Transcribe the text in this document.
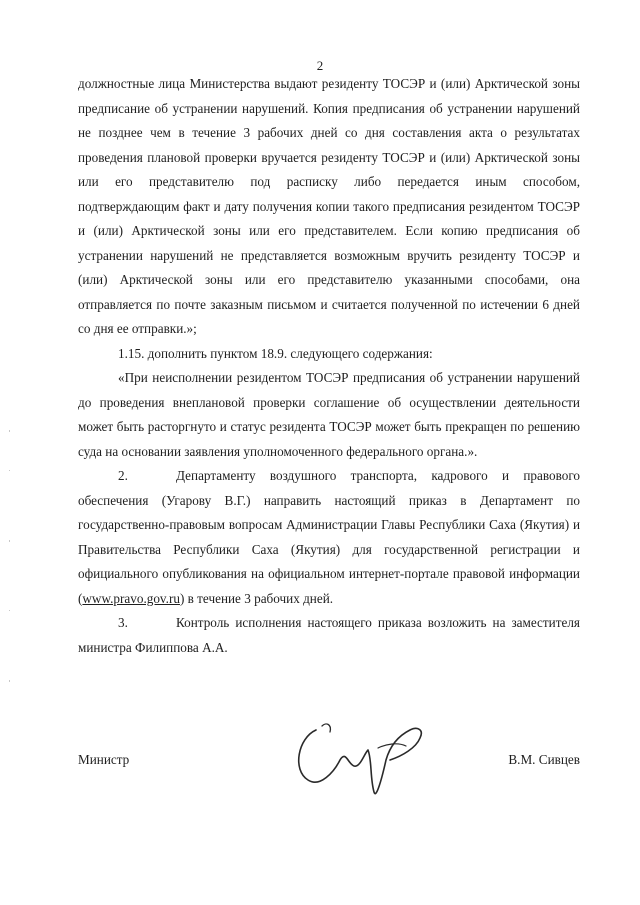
2

должностные лица Министерства выдают резиденту ТОСЭР и (или) Арктической зоны предписание об устранении нарушений. Копия предписания об устранении нарушений не позднее чем в течение 3 рабочих дней со дня составления акта о результатах проведения плановой проверки вручается резиденту ТОСЭР и (или) Арктической зоны или его представителю под расписку либо передается иным способом, подтверждающим факт и дату получения копии такого предписания резидентом ТОСЭР и (или) Арктической зоны или его представителем. Если копию предписания об устранении нарушений не представляется возможным вручить резиденту ТОСЭР и (или) Арктической зоны или его представителю указанными способами, она отправляется по почте заказным письмом и считается полученной по истечении 6 дней со дня ее отправки.»;

1.15. дополнить пунктом 18.9. следующего содержания:

«При неисполнении резидентом ТОСЭР предписания об устранении нарушений до проведения внеплановой проверки соглашение об осуществлении деятельности может быть расторгнуто и статус резидента ТОСЭР может быть прекращен по решению суда на основании заявления уполномоченного федерального органа.».

2.	Департаменту воздушного транспорта, кадрового и правового обеспечения (Угарову В.Г.) направить настоящий приказ в Департамент по государственно-правовым вопросам Администрации Главы Республики Саха (Якутия) и Правительства Республики Саха (Якутия) для государственной регистрации и официального опубликования на официальном интернет-портале правовой информации (www.pravo.gov.ru) в течение 3 рабочих дней.

3.	Контроль исполнения настоящего приказа возложить на заместителя министра Филиппова А.А.

Министр	В.М. Сивцев
